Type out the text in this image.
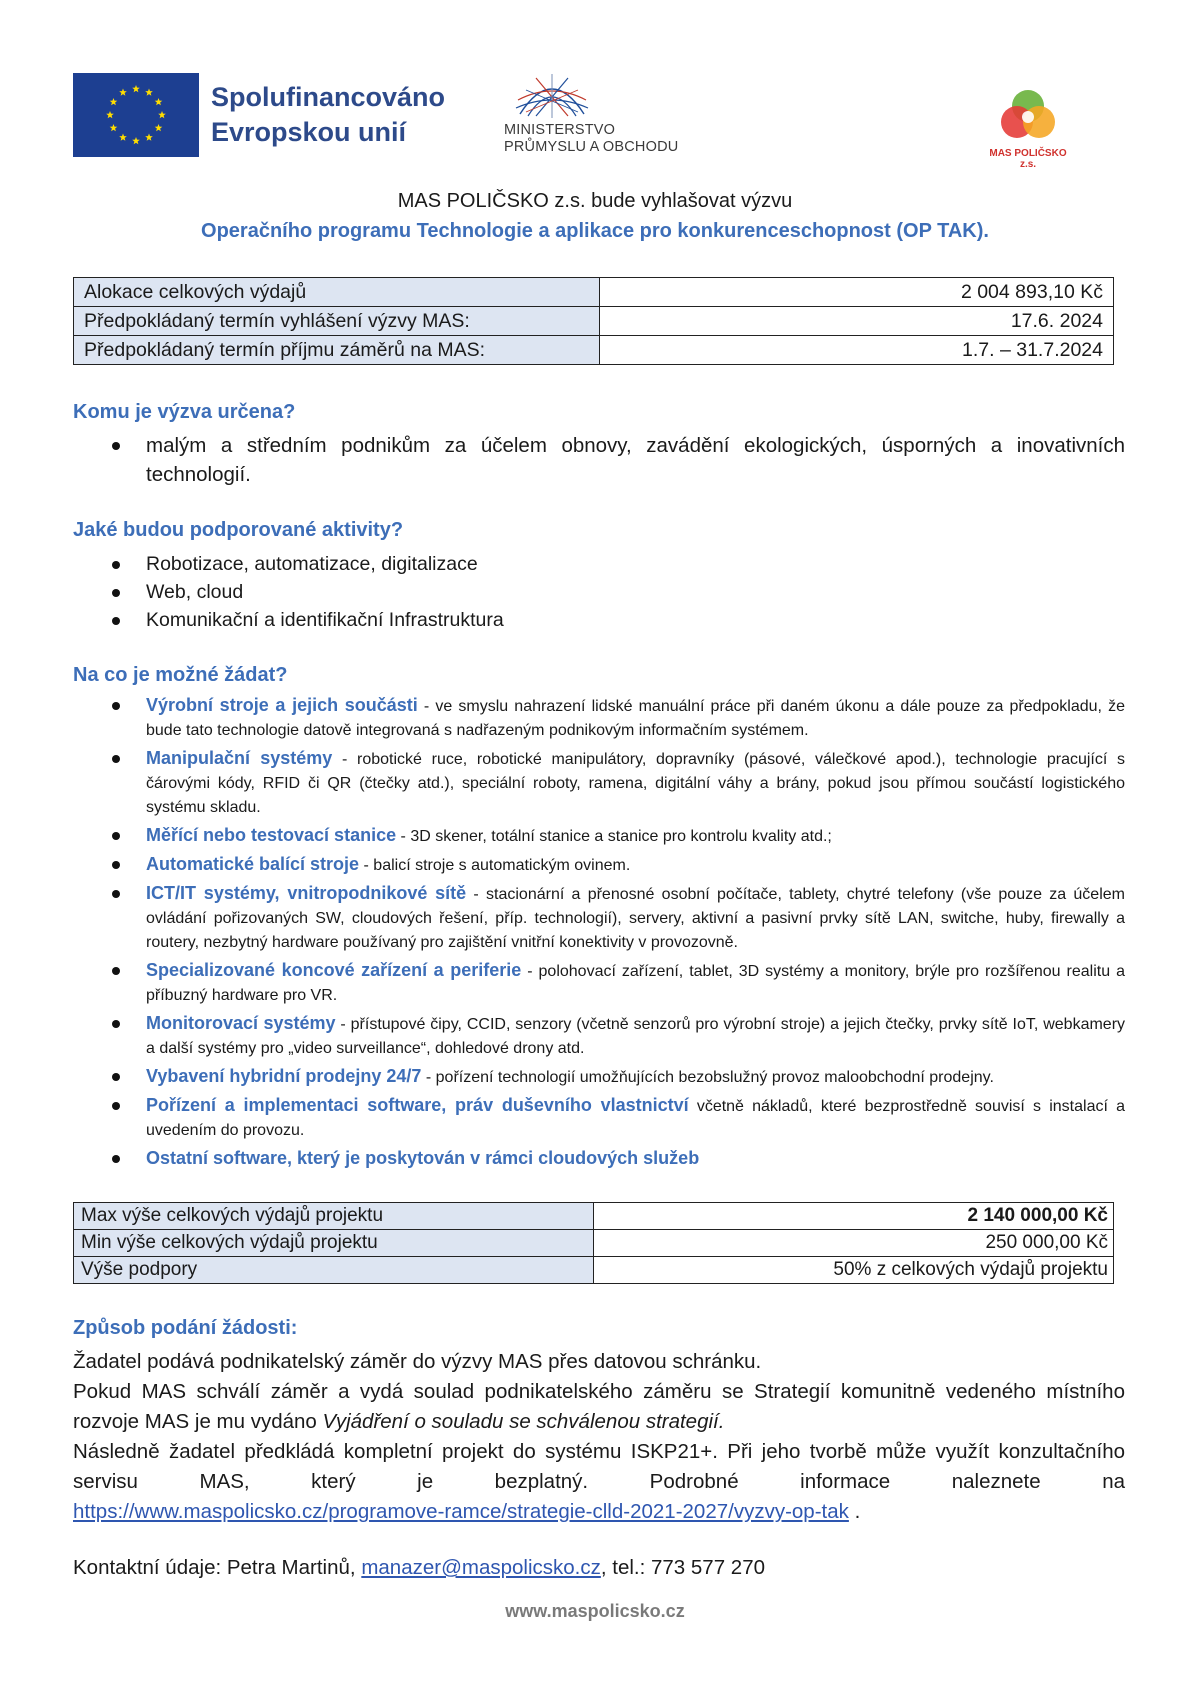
Spolufinancováno
Evropskou unií	MINISTERSTVO
PRŮMYSLU A OBCHODU	MAS POLIČSKO z.s.
MAS POLIČSKO z.s. bude vyhlašovat výzvu
Operačního programu Technologie a aplikace pro konkurenceschopnost (OP TAK).
Alokace celkových výdajů	2 004 893,10 Kč
Předpokládaný termín vyhlášení výzvy MAS:	17.6. 2024
Předpokládaný termín příjmu záměrů na MAS:	1.7. – 31.7.2024
Komu je výzva určena?
malým a středním podnikům za účelem obnovy, zavádění ekologických, úsporných a inovativních technologií.
Jaké budou podporované aktivity?
Robotizace, automatizace, digitalizace
Web, cloud
Komunikační a identifikační Infrastruktura
Na co je možné žádat?
Výrobní stroje a jejich součásti - ve smyslu nahrazení lidské manuální práce při daném úkonu a dále pouze za předpokladu, že bude tato technologie datově integrovaná s nadřazeným podnikovým informačním systémem.
Manipulační systémy - robotické ruce, robotické manipulátory, dopravníky (pásové, válečkové apod.), technologie pracující s čárovými kódy, RFID či QR (čtečky atd.), speciální roboty, ramena, digitální váhy a brány, pokud jsou přímou součástí logistického systému skladu.
Měřící nebo testovací stanice - 3D skener, totální stanice a stanice pro kontrolu kvality atd.;
Automatické balící stroje - balicí stroje s automatickým ovinem.
ICT/IT systémy, vnitropodnikové sítě - stacionární a přenosné osobní počítače, tablety, chytré telefony (vše pouze za účelem ovládání pořizovaných SW, cloudových řešení, příp. technologií), servery, aktivní a pasivní prvky sítě LAN, switche, huby, firewally a routery, nezbytný hardware používaný pro zajištění vnitřní konektivity v provozovně.
Specializované koncové zařízení a periferie - polohovací zařízení, tablet, 3D systémy a monitory, brýle pro rozšířenou realitu a příbuzný hardware pro VR.
Monitorovací systémy - přístupové čipy, CCID, senzory (včetně senzorů pro výrobní stroje) a jejich čtečky, prvky sítě IoT, webkamery a další systémy pro „video surveillance“, dohledové drony atd.
Vybavení hybridní prodejny 24/7 - pořízení technologií umožňujících bezobslužný provoz maloobchodní prodejny.
Pořízení a implementaci software, práv duševního vlastnictví včetně nákladů, které bezprostředně souvisí s instalací a uvedením do provozu.
Ostatní software, který je poskytován v rámci cloudových služeb
Max výše celkových výdajů projektu	2 140 000,00 Kč
Min výše celkových výdajů projektu	250 000,00 Kč
Výše podpory	50% z celkových výdajů projektu
Způsob podání žádosti:

Žadatel podává podnikatelský záměr do výzvy MAS přes datovou schránku.

Pokud MAS schválí záměr a vydá soulad podnikatelského záměru se Strategií komunitně vedeného místního rozvoje MAS je mu vydáno Vyjádření o souladu se schválenou strategií.

Následně žadatel předkládá kompletní projekt do systému ISKP21+. Při jeho tvorbě může využít konzultačního servisu MAS, který je bezplatný. Podrobné informace naleznete na

https://www.maspolicsko.cz/programove-ramce/strategie-clld-2021-2027/vyzvy-op-tak .

Kontaktní údaje: Petra Martinů, manazer@maspolicsko.cz, tel.: 773 577 270
www.maspolicsko.cz
